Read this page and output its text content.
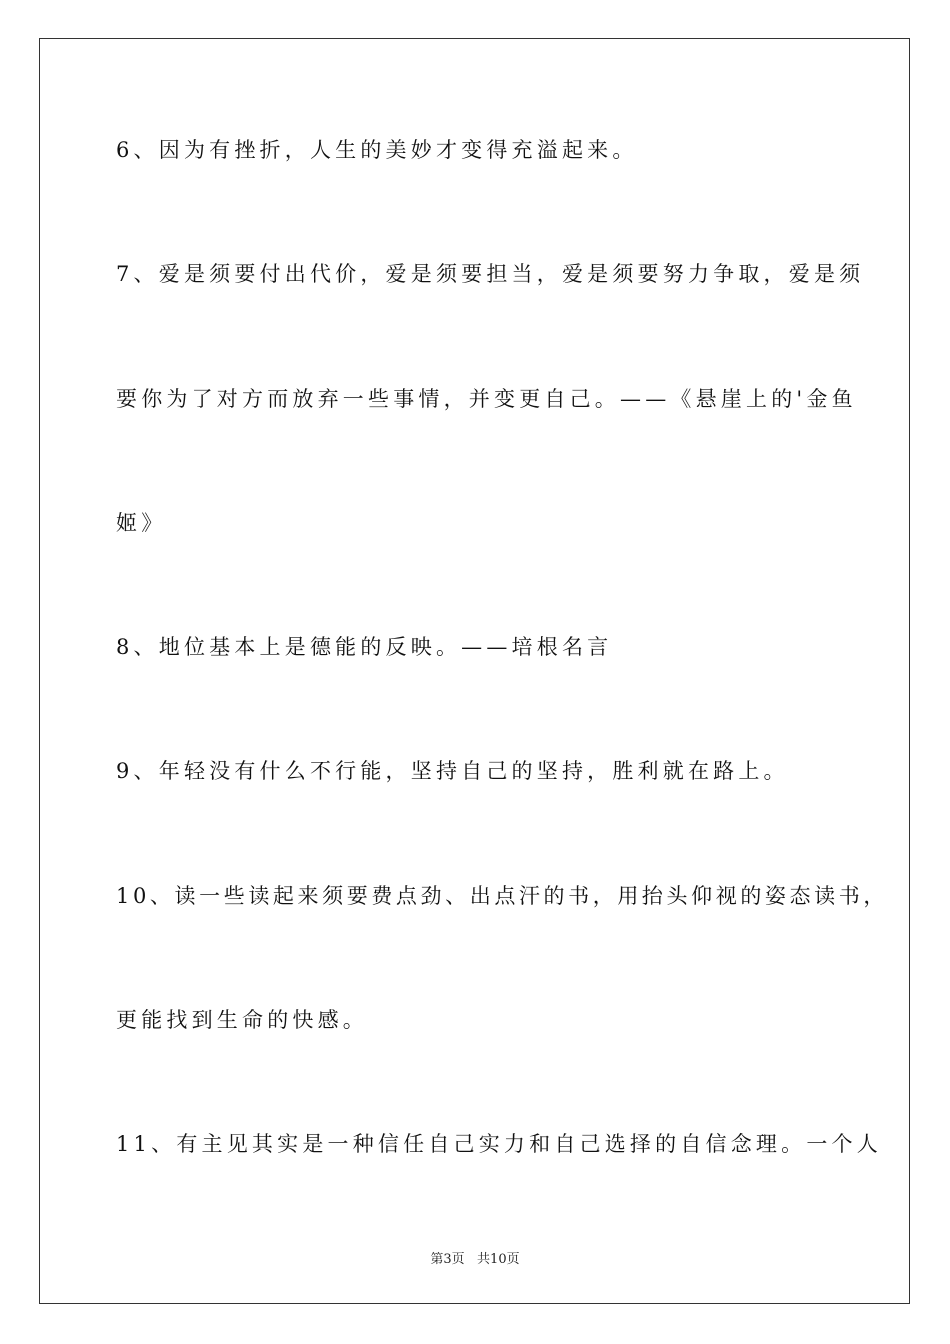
6、因为有挫折，人生的美妙才变得充溢起来。
7、爱是须要付出代价，爱是须要担当，爱是须要努力争取，爱是须
要你为了对方而放弃一些事情，并变更自己。——《悬崖上的'金鱼
姬》
8、地位基本上是德能的反映。——培根名言
9、年轻没有什么不行能，坚持自己的坚持，胜利就在路上。
10、读一些读起来须要费点劲、出点汗的书，用抬头仰视的姿态读书，
更能找到生命的快感。
11、有主见其实是一种信任自己实力和自己选择的自信念理。一个人
第3页   共10页
